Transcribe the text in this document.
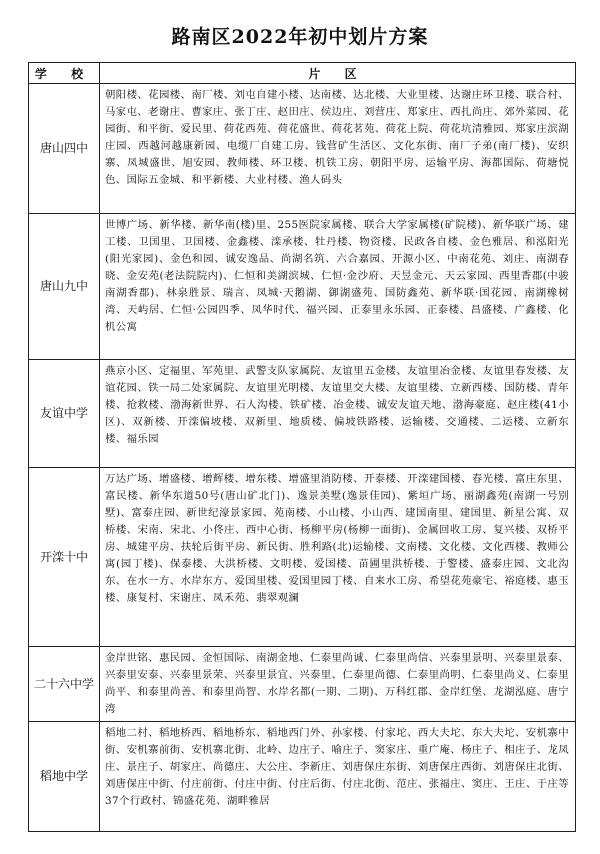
路南区2022年初中划片方案
学 校	片 区
唐山四中	朝阳楼、花园楼、南厂楼、刘屯自建小楼、达南楼、达北楼、大业里楼、达谢庄环卫楼、联合村、马家屯、老谢庄、曹家庄、张丁庄、赵田庄、侯边庄、刘营庄、郑家庄、西扎尚庄、郊外菜园、花园街、和平街、爱民里、荷花西苑、荷花盛世、荷花茗苑、荷花上院、荷花坑清雅园、郑家庄滨湖庄园、西越河越康新园、电缆厂自建工房、钱营矿生活区、文化东街、南厂子弟(南厂楼)、安织寨、凤城盛世、旭安园、教师楼、环卫楼、机铁工房、朝阳平房、运输平房、海都国际、荷塘悦色、国际五金城、和平新楼、大业村楼、渔人码头
唐山九中	世博广场、新华楼、新华南(楼)里、255医院家属楼、联合大学家属楼(矿院楼)、新华联广场、建工楼、卫国里、卫国楼、金鑫楼、滦承楼、牡丹楼、物资楼、民政各自楼、金色雅居、和泓阳光(阳光家园)、金色和园、诚安逸品、尚湖名筑、六合嘉园、开源小区、中南花苑、刘庄、南湖春晓、金安苑(老法院院内)、仁恒和美湖滨城、仁恒·金沙府、天昱金元、天云家园、西里香郡(中骏南湖香郡)、林泉胜景、瑞言、凤城·天鹅湖、御湖盛苑、国防鑫苑、新华联·国花园、南湖橡树湾、天屿居、仁恒·公园四季、凤华时代、福兴园、正泰里永乐园、正泰楼、昌盛楼、广鑫楼、化机公寓
友谊中学	燕京小区、定福里、军苑里、武警支队家属院、友谊里五金楼、友谊里冶金楼、友谊里春发楼、友谊花园、铁一局二处家属院、友谊里光明楼、友谊里交大楼、友谊里楼、立新西楼、国防楼、青年楼、抢救楼、渤海新世界、石人沟楼、铁矿楼、冶金楼、诚安友谊天地、渤海豪庭、赵庄楼(41小区)、双新楼、开滦偏坡楼、双新里、地质楼、偏坡铁路楼、运输楼、交通楼、二运楼、立新东楼、福乐园
开滦十中	万达广场、增盛楼、增辉楼、增东楼、增盛里消防楼、开泰楼、开滦建国楼、春光楼、富庄东里、富民楼、新华东道50号(唐山矿北门)、逸景美墅(逸景佳园)、紫垣广场、丽湖鑫苑(南湖一号别墅)、富泰庄园、新世纪濠景家园、苑南楼、小山楼、小山西、建国南里、建国里、新星公寓、双桥楼、宋南、宋北、小佟庄、西中心街、杨柳平房(杨柳一面街)、金属回收工房、复兴楼、双桥平房、城建平房、扶轮后街平房、新民街、胜利路(北)运输楼、文南楼、文化楼、文化西楼、教师公寓(园丁楼)、保泰楼、大洪桥楼、文明楼、爱国楼、苗圃里洪桥楼、于警楼、盛泰庄园、文北沟东、在水一方、水岸东方、爱国里楼、爱国里园丁楼、自来水工房、希望花苑豪宅、裕庭楼、惠玉楼、康复村、宋谢庄、凤禾苑、翡翠观澜
二十六中学	金岸世铭、惠民园、金恒国际、南湖金地、仁泰里尚诚、仁泰里尚信、兴泰里景明、兴泰里景泰、兴泰里安泰、兴泰里景荣、兴泰里景宜、兴泰里、仁泰里尚德、仁泰里尚明、仁泰里尚义、仁泰里尚平、和泰里尚善、和泰里尚智、水岸名都(一期、二期)、万科红郡、金岸红堡、龙湖泓庭、唐宁湾
稻地中学	稻地二村、稻地桥西、稻地桥东、稻地西门外、孙家楼、付家坨、西大夫坨、东大夫坨、安机寨中街、安机寨前街、安机寨北街、北岭、边庄子、喻庄子、窦家庄、重广庵、杨庄子、相庄子、龙凤庄、景庄子、胡家庄、尚德庄、大公庄、李新庄、刘唐保庄东街、刘唐保庄西街、刘唐保庄北街、刘唐保庄中街、付庄前街、付庄中街、付庄后街、付庄北街、范庄、张福庄、窦庄、王庄、于庄等37个行政村、锦盛花苑、湖畔雅居
